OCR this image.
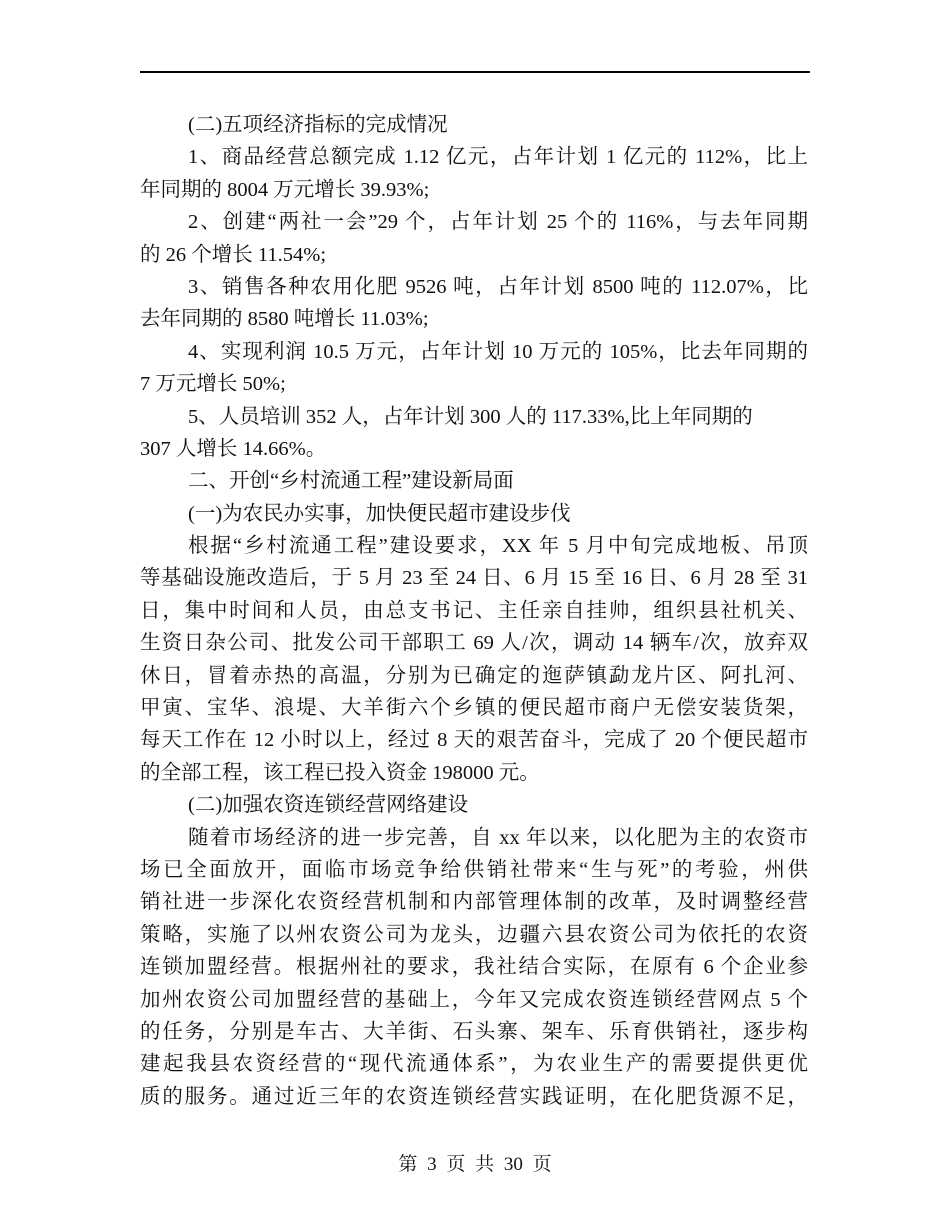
(二)五项经济指标的完成情况
1、商品经营总额完成 1.12 亿元，占年计划 1 亿元的 112%，比上
年同期的 8004 万元增长 39.93%;
2、创建“两社一会”29 个，占年计划 25 个的 116%，与去年同期
的 26 个增长 11.54%;
3、销售各种农用化肥 9526 吨，占年计划 8500 吨的 112.07%，比
去年同期的 8580 吨增长 11.03%;
4、实现利润 10.5 万元，占年计划 10 万元的 105%，比去年同期的
7 万元增长 50%;
5、人员培训 352 人，占年计划 300 人的 117.33%,比上年同期的
307 人增长 14.66%。
二、开创“乡村流通工程”建设新局面
(一)为农民办实事，加快便民超市建设步伐
根据“乡村流通工程”建设要求，XX 年 5 月中旬完成地板、吊顶
等基础设施改造后，于 5 月 23 至 24 日、6 月 15 至 16 日、6 月 28 至 31
日，集中时间和人员，由总支书记、主任亲自挂帅，组织县社机关、
生资日杂公司、批发公司干部职工 69 人/次，调动 14 辆车/次，放弃双
休日，冒着赤热的高温，分别为已确定的迤萨镇勐龙片区、阿扎河、
甲寅、宝华、浪堤、大羊街六个乡镇的便民超市商户无偿安装货架，
每天工作在 12 小时以上，经过 8 天的艰苦奋斗，完成了 20 个便民超市
的全部工程，该工程已投入资金 198000 元。
(二)加强农资连锁经营网络建设
随着市场经济的进一步完善，自 xx 年以来，以化肥为主的农资市
场已全面放开，面临市场竞争给供销社带来“生与死”的考验，州供
销社进一步深化农资经营机制和内部管理体制的改革，及时调整经营
策略，实施了以州农资公司为龙头，边疆六县农资公司为依托的农资
连锁加盟经营。根据州社的要求，我社结合实际，在原有 6 个企业参
加州农资公司加盟经营的基础上，今年又完成农资连锁经营网点 5 个
的任务，分别是车古、大羊街、石头寨、架车、乐育供销社，逐步构
建起我县农资经营的“现代流通体系”，为农业生产的需要提供更优
质的服务。通过近三年的农资连锁经营实践证明，在化肥货源不足，
第 3 页 共 30 页
